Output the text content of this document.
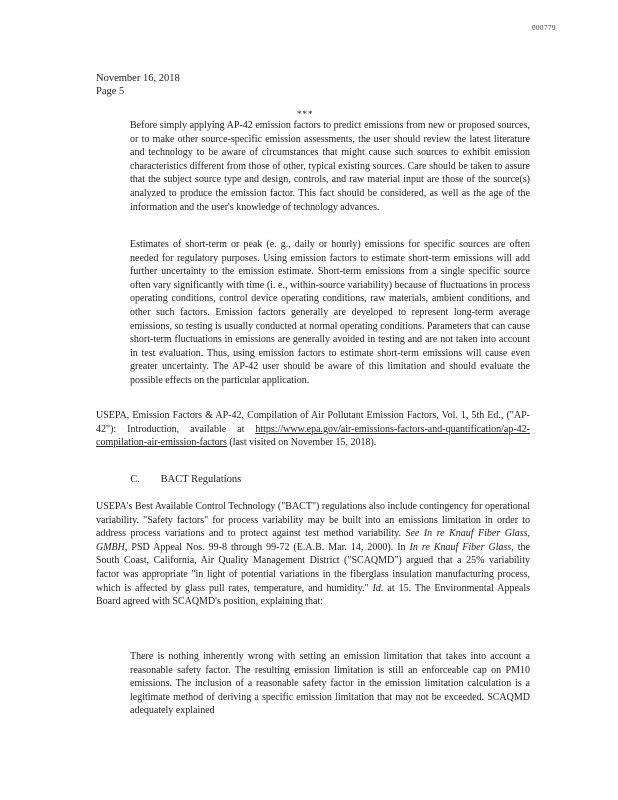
000779
November 16, 2018
Page 5
***

Before simply applying AP-42 emission factors to predict emissions from new or proposed sources, or to make other source-specific emission assessments, the user should review the latest literature and technology to be aware of circumstances that might cause such sources to exhibit emission characteristics different from those of other, typical existing sources. Care should be taken to assure that the subject source type and design, controls, and raw material input are those of the source(s) analyzed to produce the emission factor. This fact should be considered, as well as the age of the information and the user's knowledge of technology advances.

Estimates of short-term or peak (e. g., daily or hourly) emissions for specific sources are often needed for regulatory purposes. Using emission factors to estimate short-term emissions will add further uncertainty to the emission estimate. Short-term emissions from a single specific source often vary significantly with time (i. e., within-source variability) because of fluctuations in process operating conditions, control device operating conditions, raw materials, ambient conditions, and other such factors. Emission factors generally are developed to represent long-term average emissions, so testing is usually conducted at normal operating conditions. Parameters that can cause short-term fluctuations in emissions are generally avoided in testing and are not taken into account in test evaluation. Thus, using emission factors to estimate short-term emissions will cause even greater uncertainty. The AP-42 user should be aware of this limitation and should evaluate the possible effects on the particular application.

USEPA, Emission Factors & AP-42, Compilation of Air Pollutant Emission Factors, Vol. 1, 5th Ed., ("AP-42"): Introduction, available at https://www.epa.gov/air-emissions-factors-and-quantification/ap-42-compilation-air-emission-factors (last visited on November 15, 2018).

C. BACT Regulations

USEPA's Best Available Control Technology ("BACT") regulations also include contingency for operational variability. "Safety factors" for process variability may be built into an emissions limitation in order to address process variations and to protect against test method variability. See In re Knauf Fiber Glass, GMBH, PSD Appeal Nos. 99-8 through 99-72 (E.A.B. Mar. 14, 2000). In In re Knauf Fiber Glass, the South Coast, California, Air Quality Management District ("SCAQMD") argued that a 25% variability factor was appropriate "in light of potential variations in the fiberglass insulation manufacturing process, which is affected by glass pull rates, temperature, and humidity." Id. at 15. The Environmental Appeals Board agreed with SCAQMD's position, explaining that:

There is nothing inherently wrong with setting an emission limitation that takes into account a reasonable safety factor. The resulting emission limitation is still an enforceable cap on PM10 emissions. The inclusion of a reasonable safety factor in the emission limitation calculation is a legitimate method of deriving a specific emission limitation that may not be exceeded. SCAQMD adequately explained
